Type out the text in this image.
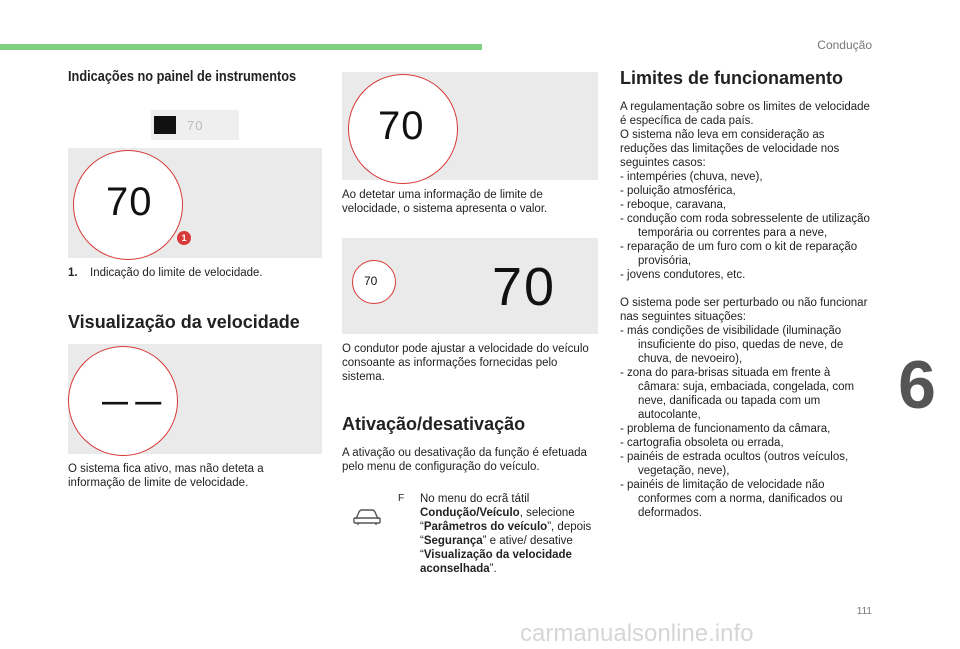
Condução
Indicações no painel de instrumentos
70
70
1
1. Indicação do limite de velocidade.
Visualização da velocidade
— —
O sistema fica ativo, mas não deteta a informação de limite de velocidade.
70
Ao detetar uma informação de limite de velocidade, o sistema apresenta o valor.
70 70
O condutor pode ajustar a velocidade do veículo consoante as informações fornecidas pelo sistema.
Ativação/desativação
A ativação ou desativação da função é efetuada pelo menu de configuração do veículo.
F No menu do ecrã tátil Condução/Veículo, selecione “Parâmetros do veículo”, depois “Segurança” e ative/ desative “Visualização da velocidade aconselhada”.
Limites de funcionamento
A regulamentação sobre os limites de velocidade é específica de cada país.
O sistema não leva em consideração as reduções das limitações de velocidade nos seguintes casos:
- intempéries (chuva, neve),
- poluição atmosférica,
- reboque, caravana,
- condução com roda sobresselente de utilização temporária ou correntes para a neve,
- reparação de um furo com o kit de reparação provisória,
- jovens condutores, etc.
O sistema pode ser perturbado ou não funcionar nas seguintes situações:
- más condições de visibilidade (iluminação insuficiente do piso, quedas de neve, de chuva, de nevoeiro),
- zona do para-brisas situada em frente à câmara: suja, embaciada, congelada, com neve, danificada ou tapada com um autocolante,
- problema de funcionamento da câmara,
- cartografia obsoleta ou errada,
- painéis de estrada ocultos (outros veículos, vegetação, neve),
- painéis de limitação de velocidade não conformes com a norma, danificados ou deformados.
6
111
carmanualsonline.info
